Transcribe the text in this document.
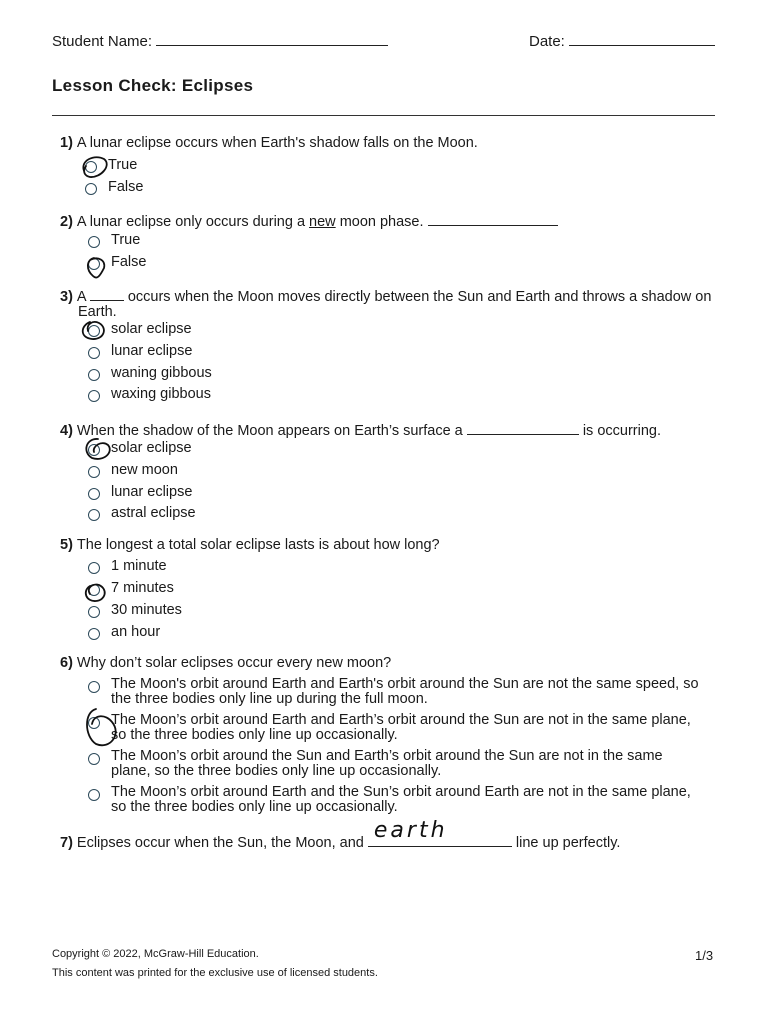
Student Name:	Date:
Lesson Check: Eclipses
1) A lunar eclipse occurs when Earth's shadow falls on the Moon.
True
False
2) A lunar eclipse only occurs during a new moon phase.
True
False
3) A	occurs when the Moon moves directly between the Sun and Earth and throws a shadow on Earth.
solar eclipse
lunar eclipse
waning gibbous
waxing gibbous
4) When the shadow of the Moon appears on Earth’s surface a	is occurring.
solar eclipse
new moon
lunar eclipse
astral eclipse
5) The longest a total solar eclipse lasts is about how long?
1 minute
7 minutes
30 minutes
an hour
6) Why don’t solar eclipses occur every new moon?
The Moon's orbit around Earth and Earth's orbit around the Sun are not the same speed, so the three bodies only line up during the full moon.
The Moon’s orbit around Earth and Earth’s orbit around the Sun are not in the same plane, so the three bodies only line up occasionally.
The Moon’s orbit around the Sun and Earth’s orbit around the Sun are not in the same plane, so the three bodies only line up occasionally.
The Moon’s orbit around Earth and the Sun’s orbit around Earth are not in the same plane, so the three bodies only line up occasionally.
7) Eclipses occur when the Sun, the Moon, and earth	line up perfectly.
Copyright © 2022, McGraw-Hill Education.
This content was printed for the exclusive use of licensed students.
1/3
